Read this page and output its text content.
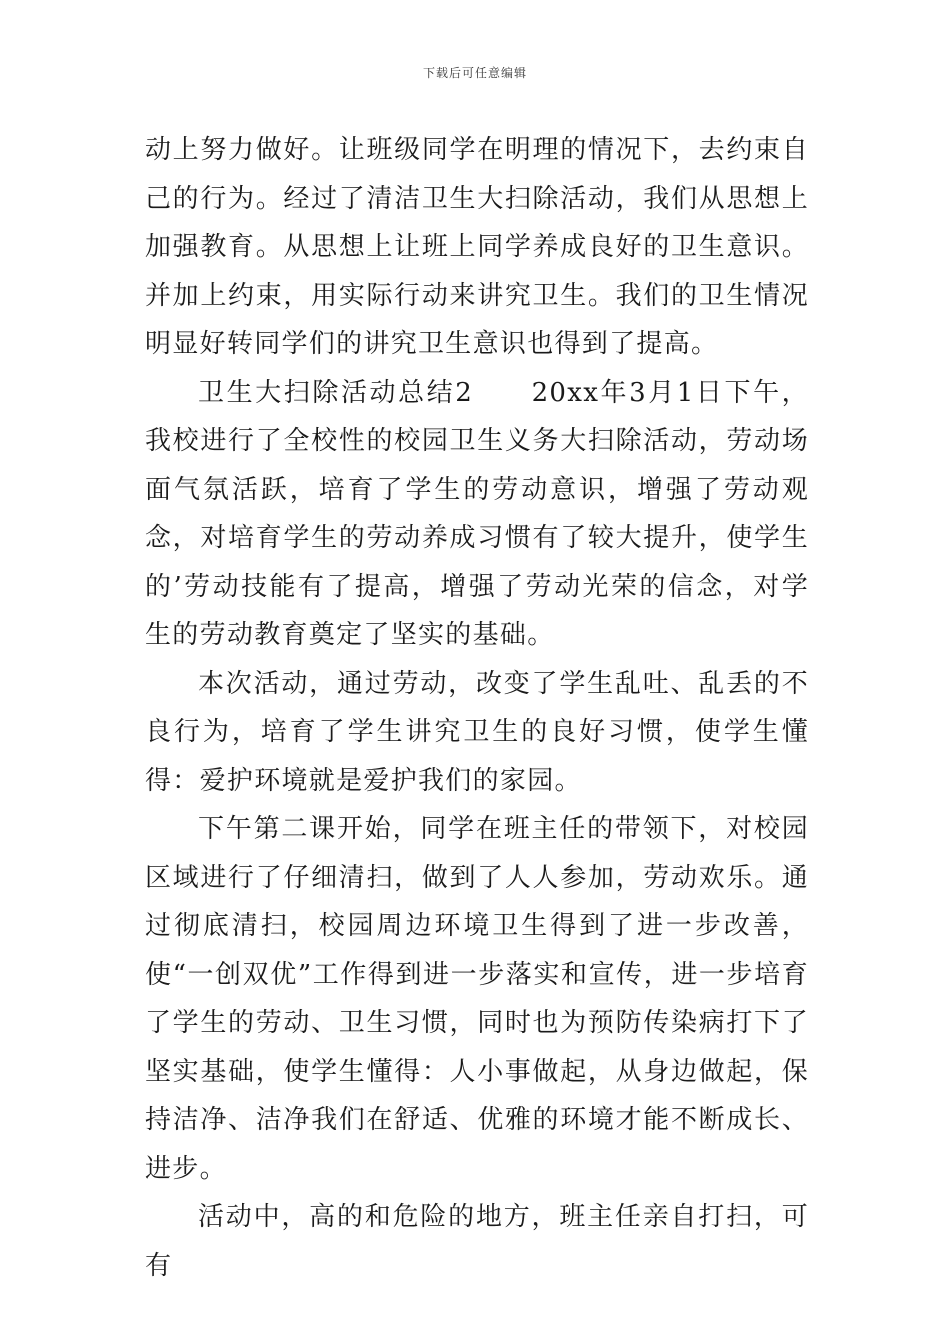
下载后可任意编辑

动上努力做好。让班级同学在明理的情况下，去约束自己的行为。经过了清洁卫生大扫除活动，我们从思想上加强教育。从思想上让班上同学养成良好的卫生意识。并加上约束，用实际行动来讲究卫生。我们的卫生情况明显好转同学们的讲究卫生意识也得到了提高。

卫生大扫除活动总结2　　20xx年3月1日下午，我校进行了全校性的校园卫生义务大扫除活动，劳动场面气氛活跃，培育了学生的劳动意识，增强了劳动观念，对培育学生的劳动养成习惯有了较大提升，使学生的’劳动技能有了提高，增强了劳动光荣的信念，对学生的劳动教育奠定了坚实的基础。

本次活动，通过劳动，改变了学生乱吐、乱丢的不良行为，培育了学生讲究卫生的良好习惯，使学生懂得：爱护环境就是爱护我们的家园。

下午第二课开始，同学在班主任的带领下，对校园区域进行了仔细清扫，做到了人人参加，劳动欢乐。通过彻底清扫，校园周边环境卫生得到了进一步改善，使“一创双优”工作得到进一步落实和宣传，进一步培育了学生的劳动、卫生习惯，同时也为预防传染病打下了坚实基础，使学生懂得：人小事做起，从身边做起，保持洁净、洁净我们在舒适、优雅的环境才能不断成长、进步。

活动中，高的和危险的地方，班主任亲自打扫，可有
